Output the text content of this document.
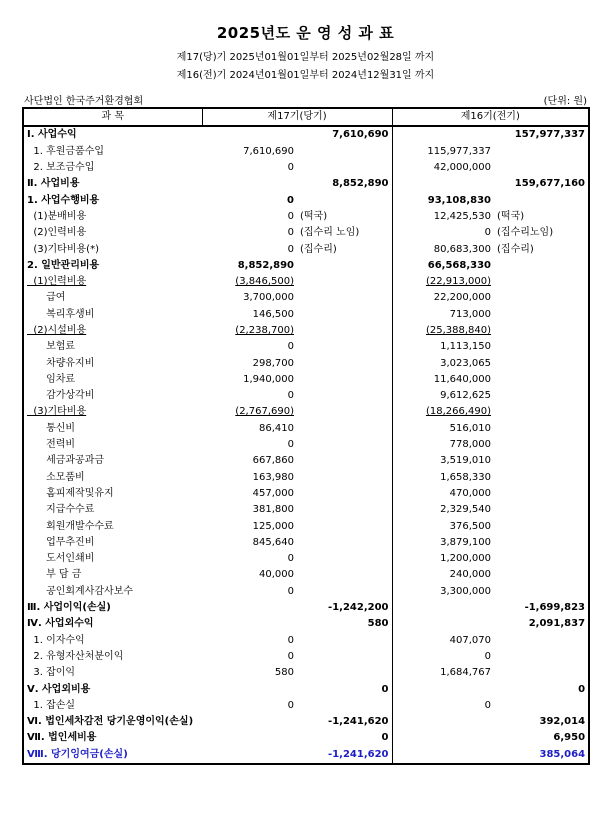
2025년도 운 영 성 과 표
제17(당)기 2025년01월01일부터 2025년02월28일 까지
제16(전)기 2024년01월01일부터 2024년12월31일 까지
사단법인 한국주거환경협회	(단위: 원)
과 목	제17기(당기)		제16기(전기)	
Ⅰ. 사업수익		7,610,690		157,977,337
1. 후원금품수입	7,610,690		115,977,337	
2. 보조금수입	0		42,000,000	
Ⅱ. 사업비용		8,852,890		159,677,160
1. 사업수행비용	0		93,108,830	
(1)분배비용	0	(떡국)	12,425,530	(떡국)
(2)인력비용	0	(집수리 노임)	0	(집수리노임)
(3)기타비용(*)	0	(집수리)	80,683,300	(집수리)
2. 일반관리비용	8,852,890		66,568,330	
(1)인력비용	(3,846,500)		(22,913,000)	
급여	3,700,000		22,200,000	
복리후생비	146,500		713,000	
(2)시설비용	(2,238,700)		(25,388,840)	
보험료	0		1,113,150	
차량유지비	298,700		3,023,065	
임차료	1,940,000		11,640,000	
감가상각비	0		9,612,625	
(3)기타비용	(2,767,690)		(18,266,490)	
통신비	86,410		516,010	
전력비	0		778,000	
세금과공과금	667,860		3,519,010	
소모품비	163,980		1,658,330	
홈피제작및유지	457,000		470,000	
지급수수료	381,800		2,329,540	
회원개발수수료	125,000		376,500	
업무추진비	845,640		3,879,100	
도서인쇄비	0		1,200,000	
부 담 금	40,000		240,000	
공인회계사감사보수	0		3,300,000	
Ⅲ. 사업이익(손실)		-1,242,200		-1,699,823
Ⅳ. 사업외수익		580		2,091,837
1. 이자수익	0		407,070	
2. 유형자산처분이익	0		0	
3. 잡이익	580		1,684,767	
Ⅴ. 사업외비용		0		0
1. 잡손실	0		0	
Ⅵ. 법인세차감전 당기운영이익(손실)		-1,241,620		392,014
Ⅶ. 법인세비용		0		6,950
Ⅷ. 당기잉여금(손실)		-1,241,620		385,064
